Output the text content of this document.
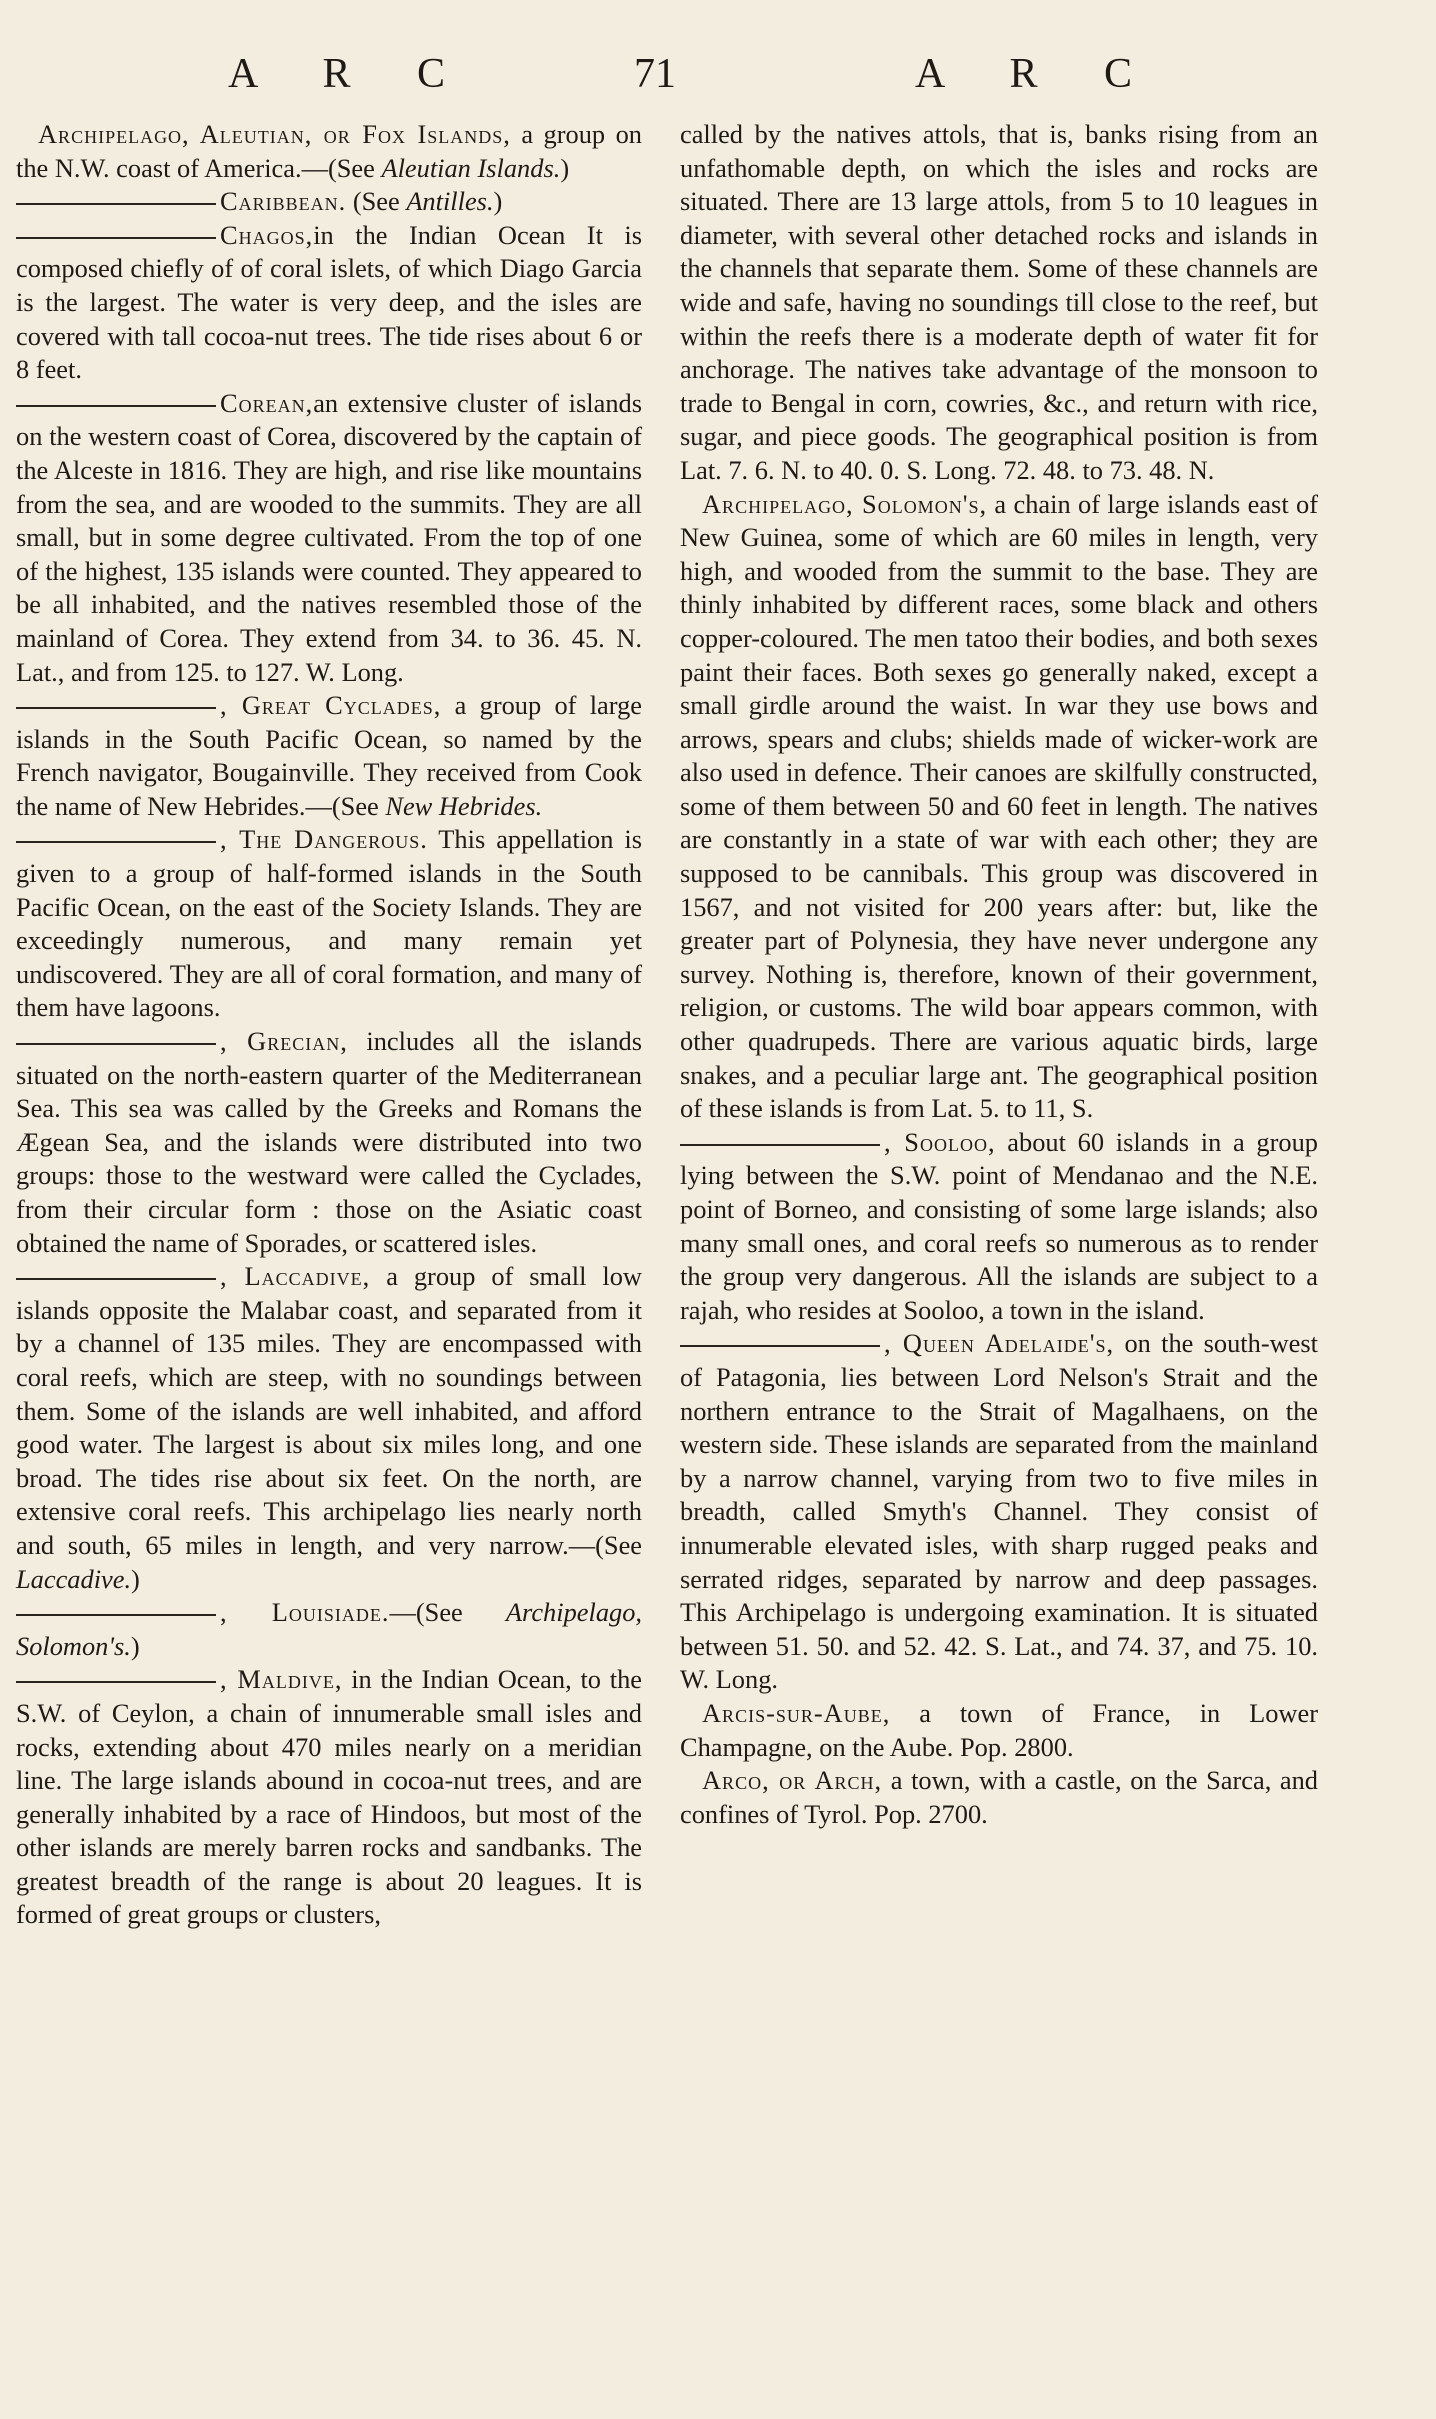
A R C	71	A R C

Archipelago, Aleutian, or Fox Islands, a group on the N.W. coast of America.—(See Aleutian Islands.)

Caribbean. (See Antilles.)

Chagos,in the Indian Ocean It is composed chiefly of of coral islets, of which Diago Garcia is the largest. The water is very deep, and the isles are covered with tall cocoa-nut trees. The tide rises about 6 or 8 feet.

Corean,an extensive cluster of islands on the western coast of Corea, discovered by the captain of the Alceste in 1816. They are high, and rise like mountains from the sea, and are wooded to the summits. They are all small, but in some degree cultivated. From the top of one of the highest, 135 islands were counted. They appeared to be all inhabited, and the natives resembled those of the mainland of Corea. They extend from 34. to 36. 45. N. Lat., and from 125. to 127. W. Long.

, Great Cyclades, a group of large islands in the South Pacific Ocean, so named by the French navigator, Bougainville. They received from Cook the name of New Hebrides.—(See New Hebrides.

, The Dangerous. This appellation is given to a group of half-formed islands in the South Pacific Ocean, on the east of the Society Islands. They are exceedingly numerous, and many remain yet undiscovered. They are all of coral formation, and many of them have lagoons.

, Grecian, includes all the islands situated on the north-eastern quarter of the Mediterranean Sea. This sea was called by the Greeks and Romans the Ægean Sea, and the islands were distributed into two groups: those to the westward were called the Cyclades, from their circular form : those on the Asiatic coast obtained the name of Sporades, or scattered isles.

, Laccadive, a group of small low islands opposite the Malabar coast, and separated from it by a channel of 135 miles. They are encompassed with coral reefs, which are steep, with no soundings between them. Some of the islands are well inhabited, and afford good water. The largest is about six miles long, and one broad. The tides rise about six feet. On the north, are extensive coral reefs. This archipelago lies nearly north and south, 65 miles in length, and very narrow.—(See Laccadive.)

, Louisiade.—(See Archipelago, Solomon's.)

, Maldive, in the Indian Ocean, to the S.W. of Ceylon, a chain of innumerable small isles and rocks, extending about 470 miles nearly on a meridian line. The large islands abound in cocoa-nut trees, and are generally inhabited by a race of Hindoos, but most of the other islands are merely barren rocks and sandbanks. The greatest breadth of the range is about 20 leagues. It is formed of great groups or clusters,

called by the natives attols, that is, banks rising from an unfathomable depth, on which the isles and rocks are situated. There are 13 large attols, from 5 to 10 leagues in diameter, with several other detached rocks and islands in the channels that separate them. Some of these channels are wide and safe, having no soundings till close to the reef, but within the reefs there is a moderate depth of water fit for anchorage. The natives take advantage of the monsoon to trade to Bengal in corn, cowries, &c., and return with rice, sugar, and piece goods. The geographical position is from Lat. 7. 6. N. to 40. 0. S. Long. 72. 48. to 73. 48. N.

Archipelago, Solomon's, a chain of large islands east of New Guinea, some of which are 60 miles in length, very high, and wooded from the summit to the base. They are thinly inhabited by different races, some black and others copper-coloured. The men tatoo their bodies, and both sexes paint their faces. Both sexes go generally naked, except a small girdle around the waist. In war they use bows and arrows, spears and clubs; shields made of wicker-work are also used in defence. Their canoes are skilfully constructed, some of them between 50 and 60 feet in length. The natives are constantly in a state of war with each other; they are supposed to be cannibals. This group was discovered in 1567, and not visited for 200 years after: but, like the greater part of Polynesia, they have never undergone any survey. Nothing is, therefore, known of their government, religion, or customs. The wild boar appears common, with other quadrupeds. There are various aquatic birds, large snakes, and a peculiar large ant. The geographical position of these islands is from Lat. 5. to 11, S.

, Sooloo, about 60 islands in a group lying between the S.W. point of Mendanao and the N.E. point of Borneo, and consisting of some large islands; also many small ones, and coral reefs so numerous as to render the group very dangerous. All the islands are subject to a rajah, who resides at Sooloo, a town in the island.

, Queen Adelaide's, on the south-west of Patagonia, lies between Lord Nelson's Strait and the northern entrance to the Strait of Magalhaens, on the western side. These islands are separated from the mainland by a narrow channel, varying from two to five miles in breadth, called Smyth's Channel. They consist of innumerable elevated isles, with sharp rugged peaks and serrated ridges, separated by narrow and deep passages. This Archipelago is undergoing examination. It is situated between 51. 50. and 52. 42. S. Lat., and 74. 37, and 75. 10. W. Long.

Arcis-sur-Aube, a town of France, in Lower Champagne, on the Aube. Pop. 2800.

Arco, or Arch, a town, with a castle, on the Sarca, and confines of Tyrol. Pop. 2700.
